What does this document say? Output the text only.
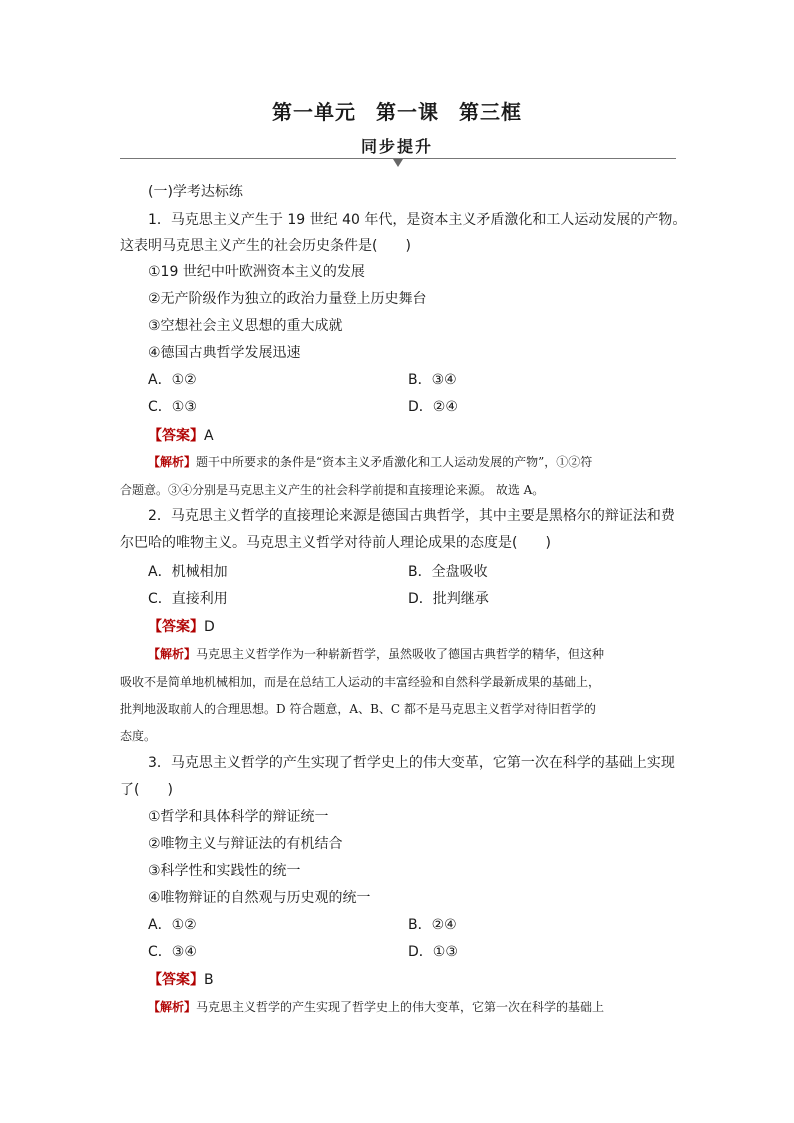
第一单元 第一课 第三框
同步提升
(一)学考达标练
1．马克思主义产生于 19 世纪 40 年代，是资本主义矛盾激化和工人运动发展的产物。
这表明马克思主义产生的社会历史条件是(　　)
①19 世纪中叶欧洲资本主义的发展
②无产阶级作为独立的政治力量登上历史舞台
③空想社会主义思想的重大成就
④德国古典哲学发展迅速
A．①②	B．③④
C．①③	D．②④
【答案】A
【解析】题干中所要求的条件是“资本主义矛盾激化和工人运动发展的产物”，①②符
合题意。③④分别是马克思主义产生的社会科学前提和直接理论来源。 故选 A。
2．马克思主义哲学的直接理论来源是德国古典哲学，其中主要是黑格尔的辩证法和费
尔巴哈的唯物主义。马克思主义哲学对待前人理论成果的态度是(　　)
A．机械相加	B．全盘吸收
C．直接利用	D．批判继承
【答案】D
【解析】马克思主义哲学作为一种崭新哲学，虽然吸收了德国古典哲学的精华，但这种
吸收不是简单地机械相加，而是在总结工人运动的丰富经验和自然科学最新成果的基础上，
批判地汲取前人的合理思想。D 符合题意，A、B、C 都不是马克思主义哲学对待旧哲学的
态度。
3．马克思主义哲学的产生实现了哲学史上的伟大变革，它第一次在科学的基础上实现
了(　　)
①哲学和具体科学的辩证统一
②唯物主义与辩证法的有机结合
③科学性和实践性的统一
④唯物辩证的自然观与历史观的统一
A．①②	B．②④
C．③④	D．①③
【答案】B
【解析】马克思主义哲学的产生实现了哲学史上的伟大变革，它第一次在科学的基础上
